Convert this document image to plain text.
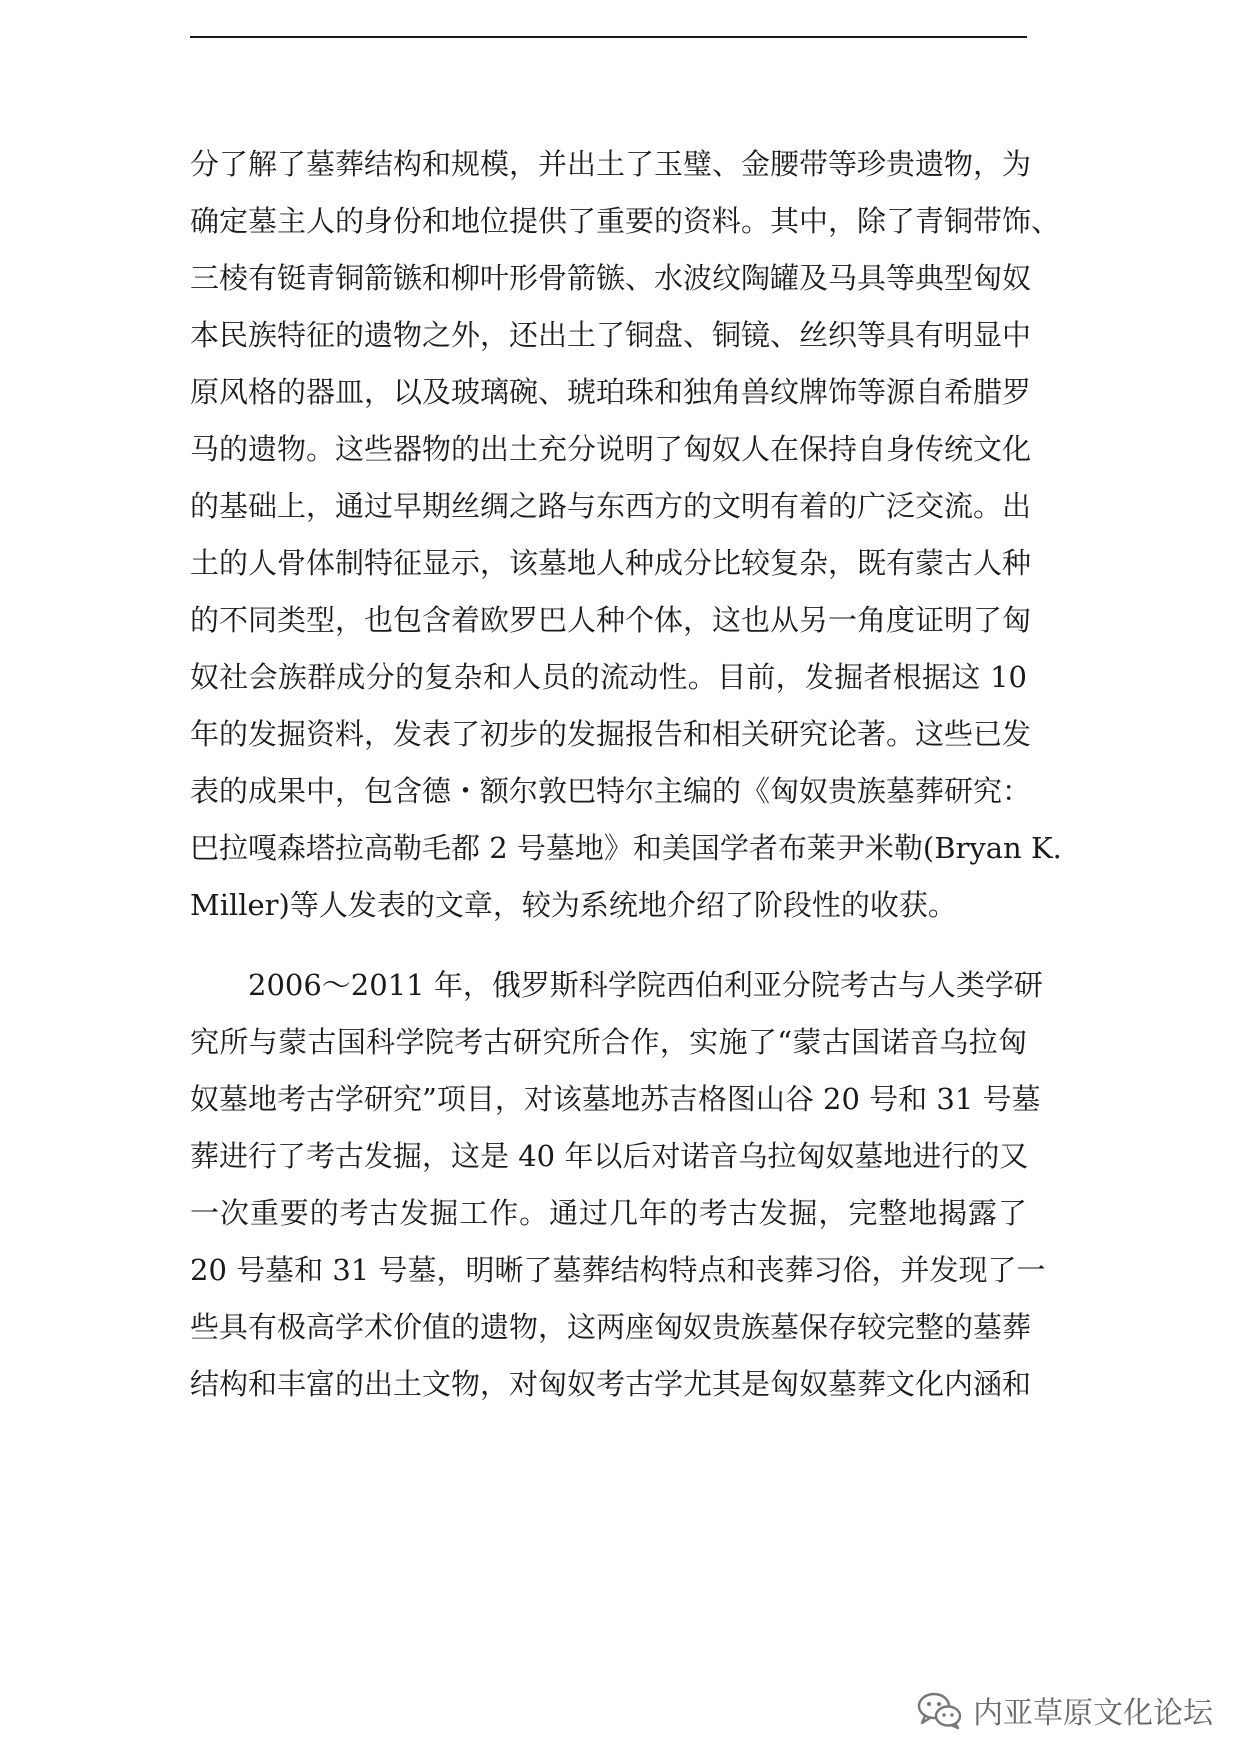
分了解了墓葬结构和规模，并出土了玉璧、金腰带等珍贵遗物，为
确定墓主人的身份和地位提供了重要的资料。其中，除了青铜带饰、
三棱有铤青铜箭镞和柳叶形骨箭镞、水波纹陶罐及马具等典型匈奴
本民族特征的遗物之外，还出土了铜盘、铜镜、丝织等具有明显中
原风格的器皿，以及玻璃碗、琥珀珠和独角兽纹牌饰等源自希腊罗
马的遗物。这些器物的出土充分说明了匈奴人在保持自身传统文化
的基础上，通过早期丝绸之路与东西方的文明有着的广泛交流。出
土的人骨体制特征显示，该墓地人种成分比较复杂，既有蒙古人种
的不同类型，也包含着欧罗巴人种个体，这也从另一角度证明了匈
奴社会族群成分的复杂和人员的流动性。目前，发掘者根据这 10
年的发掘资料，发表了初步的发掘报告和相关研究论著。这些已发
表的成果中，包含德・额尔敦巴特尔主编的《匈奴贵族墓葬研究：
巴拉嘎森塔拉高勒毛都 2 号墓地》和美国学者布莱尹米勒(Bryan K.
Miller)等人发表的文章，较为系统地介绍了阶段性的收获。
2006～2011 年，俄罗斯科学院西伯利亚分院考古与人类学研
究所与蒙古国科学院考古研究所合作，实施了“蒙古国诺音乌拉匈
奴墓地考古学研究”项目，对该墓地苏吉格图山谷 20 号和 31 号墓
葬进行了考古发掘，这是 40 年以后对诺音乌拉匈奴墓地进行的又
一次重要的考古发掘工作。通过几年的考古发掘，完整地揭露了
20 号墓和 31 号墓，明晰了墓葬结构特点和丧葬习俗，并发现了一
些具有极高学术价值的遗物，这两座匈奴贵族墓保存较完整的墓葬
结构和丰富的出土文物，对匈奴考古学尤其是匈奴墓葬文化内涵和
内亚草原文化论坛
